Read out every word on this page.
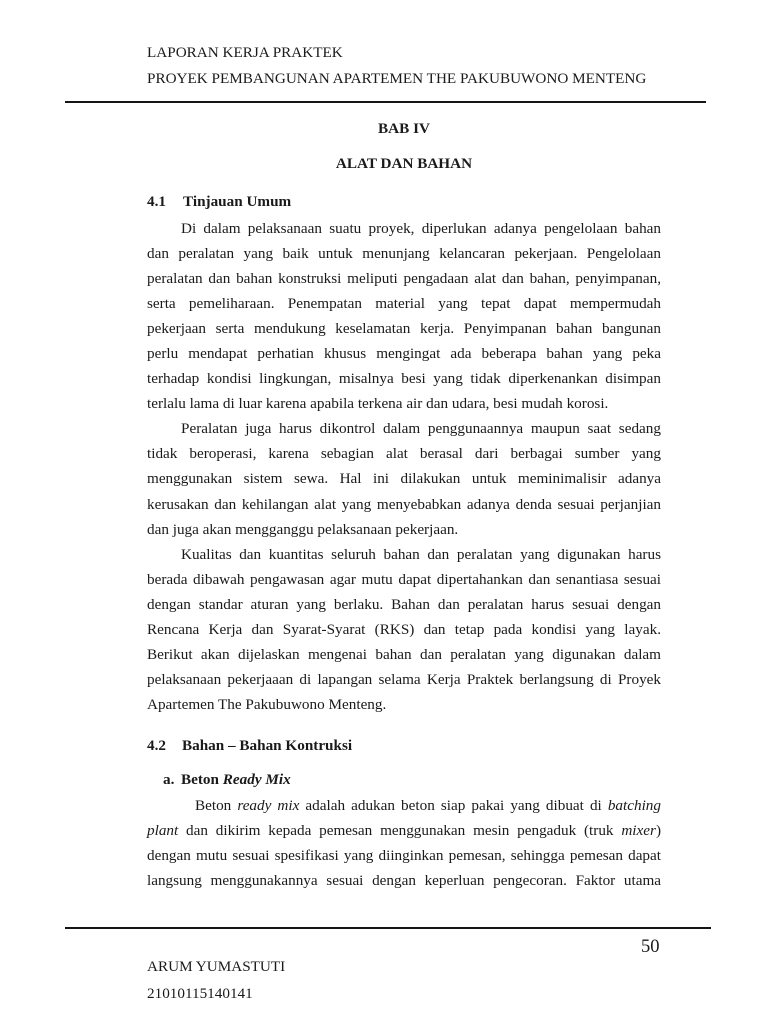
LAPORAN KERJA PRAKTEK
PROYEK PEMBANGUNAN APARTEMEN THE PAKUBUWONO MENTENG
BAB IV
ALAT DAN BAHAN
4.1 Tinjauan Umum
Di dalam pelaksanaan suatu proyek, diperlukan adanya pengelolaan bahan
dan peralatan yang baik untuk menunjang kelancaran pekerjaan. Pengelolaan
peralatan dan bahan konstruksi meliputi pengadaan alat dan bahan, penyimpanan,
serta pemeliharaan. Penempatan material yang tepat dapat mempermudah
pekerjaan serta mendukung keselamatan kerja. Penyimpanan bahan bangunan
perlu mendapat perhatian khusus mengingat ada beberapa bahan yang peka
terhadap kondisi lingkungan, misalnya besi yang tidak diperkenankan disimpan
terlalu lama di luar karena apabila terkena air dan udara, besi mudah korosi.
Peralatan juga harus dikontrol dalam penggunaannya maupun saat sedang
tidak beroperasi, karena sebagian alat berasal dari berbagai sumber yang
menggunakan sistem sewa. Hal ini dilakukan untuk meminimalisir adanya
kerusakan dan kehilangan alat yang menyebabkan adanya denda sesuai perjanjian
dan juga akan mengganggu pelaksanaan pekerjaan.
Kualitas dan kuantitas seluruh bahan dan peralatan yang digunakan harus
berada dibawah pengawasan agar mutu dapat dipertahankan dan senantiasa sesuai
dengan standar aturan yang berlaku. Bahan dan peralatan harus sesuai dengan
Rencana Kerja dan Syarat-Syarat (RKS) dan tetap pada kondisi yang layak.
Berikut akan dijelaskan mengenai bahan dan peralatan yang digunakan dalam
pelaksanaan pekerjaaan di lapangan selama Kerja Praktek berlangsung di Proyek
Apartemen The Pakubuwono Menteng.
4.2 Bahan – Bahan Kontruksi
a. Beton Ready Mix
Beton ready mix adalah adukan beton siap pakai yang dibuat di batching
plant dan dikirim kepada pemesan menggunakan mesin pengaduk (truk mixer)
dengan mutu sesuai spesifikasi yang diinginkan pemesan, sehingga pemesan dapat
langsung menggunakannya sesuai dengan keperluan pengecoran. Faktor utama
50
ARUM YUMASTUTI
21010115140141
